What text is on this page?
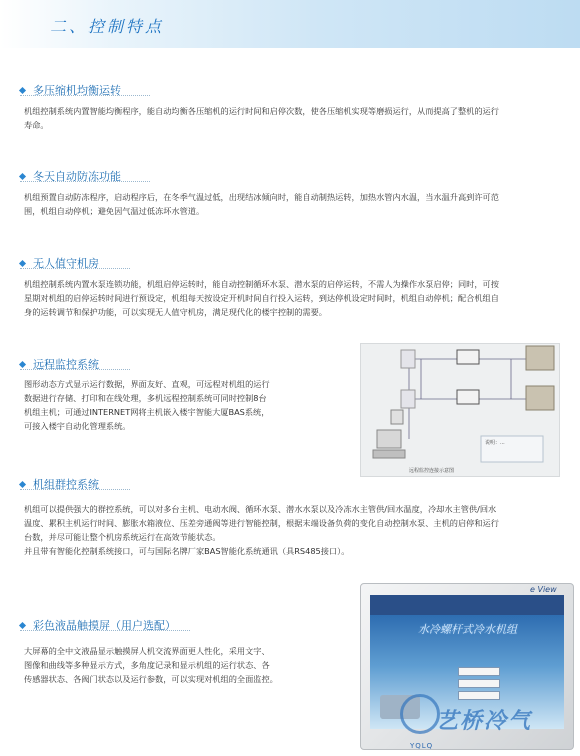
二、控制特点
多压缩机均衡运转
机组控制系统内置智能均衡程序，能自动均衡各压缩机的运行时间和启停次数，使各压缩机实现等磨损运行，从而提高了整机的运行
寿命。
冬天自动防冻功能
机组预置自动防冻程序，启动程序后，在冬季气温过低，出现结冰倾向时，能自动制热运转，加热水管内水温，当水温升高到许可范
围，机组自动停机；避免因气温过低冻坏水管道。
无人值守机房
机组控制系统内置水泵连锁功能，机组启停运转时，能自动控制循环水泵、潜水泵的启停运转，不需人为操作水泵启停；同时，可按
星期对机组的启停运转时间进行预设定，机组每天按设定开机时间自行投入运转，到达停机设定时间时，机组自动停机；配合机组自
身的运转调节和保护功能，可以实现无人值守机房，满足现代化的楼宇控制的需要。
远程监控系统
图形动态方式显示运行数据，界面友好、直观，可远程对机组的运行
数据进行存储、打印和在线处理，多机远程控制系统可同时控制8台
机组主机；可通过INTERNET网将主机嵌入楼宇智能大厦BAS系统，
可接入楼宇自动化管理系统。
说明：...
远程监控连接示意图
机组群控系统
机组可以提供强大的群控系统，可以对多台主机、电动水阀、循环水泵、潜水水泵以及冷冻水主管供/回水温度，冷却水主管供/回水
温度、累积主机运行时间、膨胀水箱液位、压差旁通阀等进行智能控制，根据末端设备负荷的变化自动控制水泵、主机的启停和运行
台数，并尽可能让整个机房系统运行在高效节能状态。
并且带有智能化控制系统接口，可与国际名牌厂家BAS智能化系统通讯（具RS485接口）。
彩色液晶触摸屏（用户选配）
大屏幕的全中文液晶显示触摸屏人机交流界面更人性化，采用文字、
图像和曲线等多种显示方式，多角度记录和显示机组的运行状态、各
传感器状态、各阀门状态以及运行参数，可以实现对机组的全面监控。
e View
水冷螺杆式冷水机组
艺桥冷气
YQLQ
